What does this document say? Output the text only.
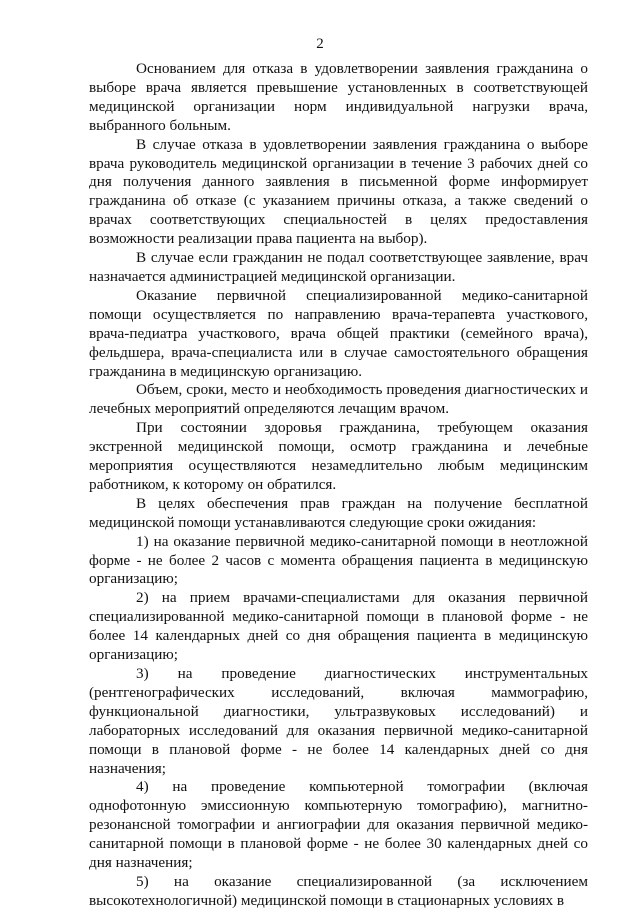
2

Основанием для отказа в удовлетворении заявления гражданина о выборе врача является превышение установленных в соответствующей медицинской организации норм индивидуальной нагрузки врача, выбранного больным.

В случае отказа в удовлетворении заявления гражданина о выборе врача руководитель медицинской организации в течение 3 рабочих дней со дня получения данного заявления в письменной форме информирует гражданина об отказе (с указанием причины отказа, а также сведений о врачах соответствующих специальностей в целях предоставления возможности реализации права пациента на выбор).

В случае если гражданин не подал соответствующее заявление, врач назначается администрацией медицинской организации.

Оказание первичной специализированной медико-санитарной помощи осуществляется по направлению врача-терапевта участкового, врача-педиатра участкового, врача общей практики (семейного врача), фельдшера, врача-специалиста или в случае самостоятельного обращения гражданина в медицинскую организацию.

Объем, сроки, место и необходимость проведения диагностических и лечебных мероприятий определяются лечащим врачом.

При состоянии здоровья гражданина, требующем оказания экстренной медицинской помощи, осмотр гражданина и лечебные мероприятия осуществляются незамедлительно любым медицинским работником, к которому он обратился.

В целях обеспечения прав граждан на получение бесплатной медицинской помощи устанавливаются следующие сроки ожидания:

1) на оказание первичной медико-санитарной помощи в неотложной форме - не более 2 часов с момента обращения пациента в медицинскую организацию;

2) на прием врачами-специалистами для оказания первичной специализированной медико-санитарной помощи в плановой форме - не более 14 календарных дней со дня обращения пациента в медицинскую организацию;

3) на проведение диагностических инструментальных (рентгенографических исследований, включая маммографию, функциональной диагностики, ультразвуковых исследований) и лабораторных исследований для оказания первичной медико-санитарной помощи в плановой форме - не более 14 календарных дней со дня назначения;

4) на проведение компьютерной томографии (включая однофотонную эмиссионную компьютерную томографию), магнитно-резонансной томографии и ангиографии для оказания первичной медико-санитарной помощи в плановой форме - не более 30 календарных дней со дня назначения;

5) на оказание специализированной (за исключением высокотехнологичной) медицинской помощи в стационарных условиях в
